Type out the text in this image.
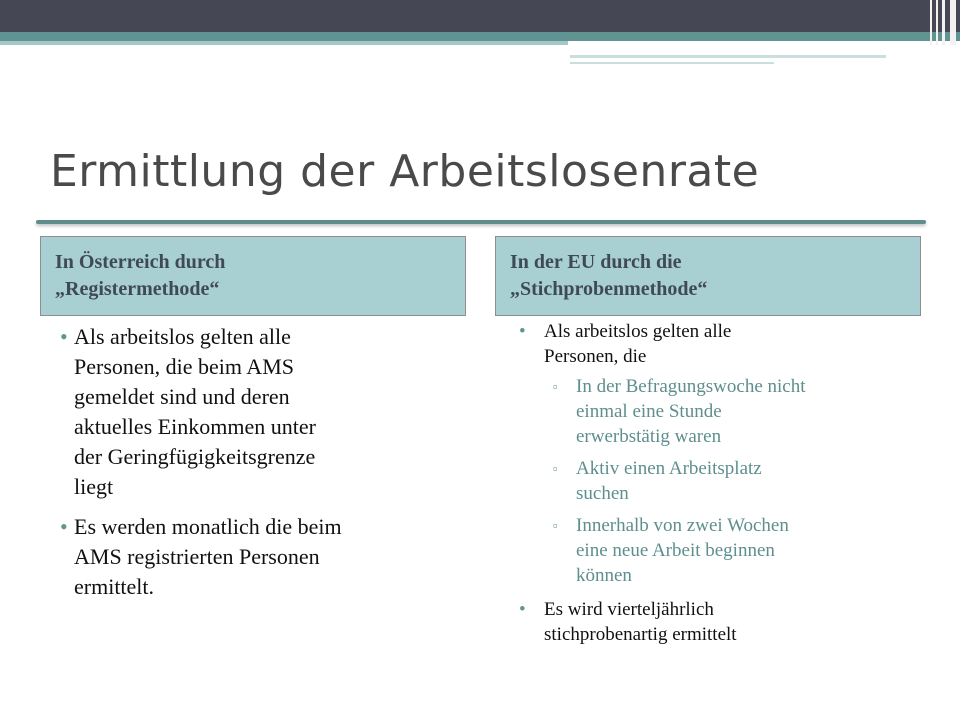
Ermittlung der Arbeitslosenrate
In Österreich durch
„Registermethode“
In der EU durch die
„Stichprobenmethode“
• Als arbeitslos gelten alle
Personen, die beim AMS
gemeldet sind und deren
aktuelles Einkommen unter
der Geringfügigkeitsgrenze
liegt
• Es werden monatlich die beim
AMS registrierten Personen
ermittelt.
• Als arbeitslos gelten alle
Personen, die
▫ In der Befragungswoche nicht
einmal eine Stunde
erwerbstätig waren
▫ Aktiv einen Arbeitsplatz
suchen
▫ Innerhalb von zwei Wochen
eine neue Arbeit beginnen
können
• Es wird vierteljährlich
stichprobenartig ermittelt
